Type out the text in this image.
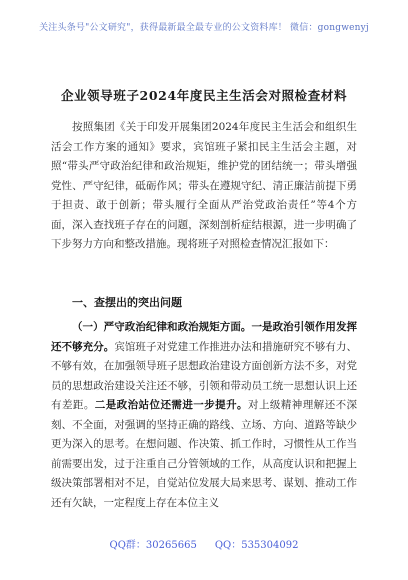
关注头条号"公文研究"，获得最新最全最专业的公文资料库！ 微信：gongwenyj
企业领导班子2024年度民主生活会对照检查材料
按照集团《关于印发开展集团2024年度民主生活会和组织生活会工作方案的通知》要求，宾馆班子紧扣民主生活会主题，对照“带头严守政治纪律和政治规矩，维护党的团结统一；带头增强党性、严守纪律，砥砺作风；带头在遵规守纪、清正廉洁前提下勇于担责、敢于创新；带头履行全面从严治党政治责任”等4个方面，深入查找班子存在的问题，深刻剖析症结根源，进一步明确了下步努力方向和整改措施。现将班子对照检查情况汇报如下：
一、查摆出的突出问题
（一）严守政治纪律和政治规矩方面。一是政治引领作用发挥还不够充分。宾馆班子对党建工作推进办法和措施研究不够有力、不够有效，在加强领导班子思想政治建设方面创新方法不多，对党员的思想政治建设关注还不够，引领和带动员工统一思想认识上还有差距。二是政治站位还需进一步提升。对上级精神理解还不深刻、不全面，对强调的坚持正确的路线、立场、方向、道路等缺少更为深入的思考。在想问题、作决策、抓工作时，习惯性从工作当前需要出发，过于注重自己分管领域的工作，从高度认识和把握上级决策部署相对不足，自觉站位发展大局来思考、谋划、推动工作还有欠缺，一定程度上存在本位主义
QQ群：30265665 QQ：535304092
